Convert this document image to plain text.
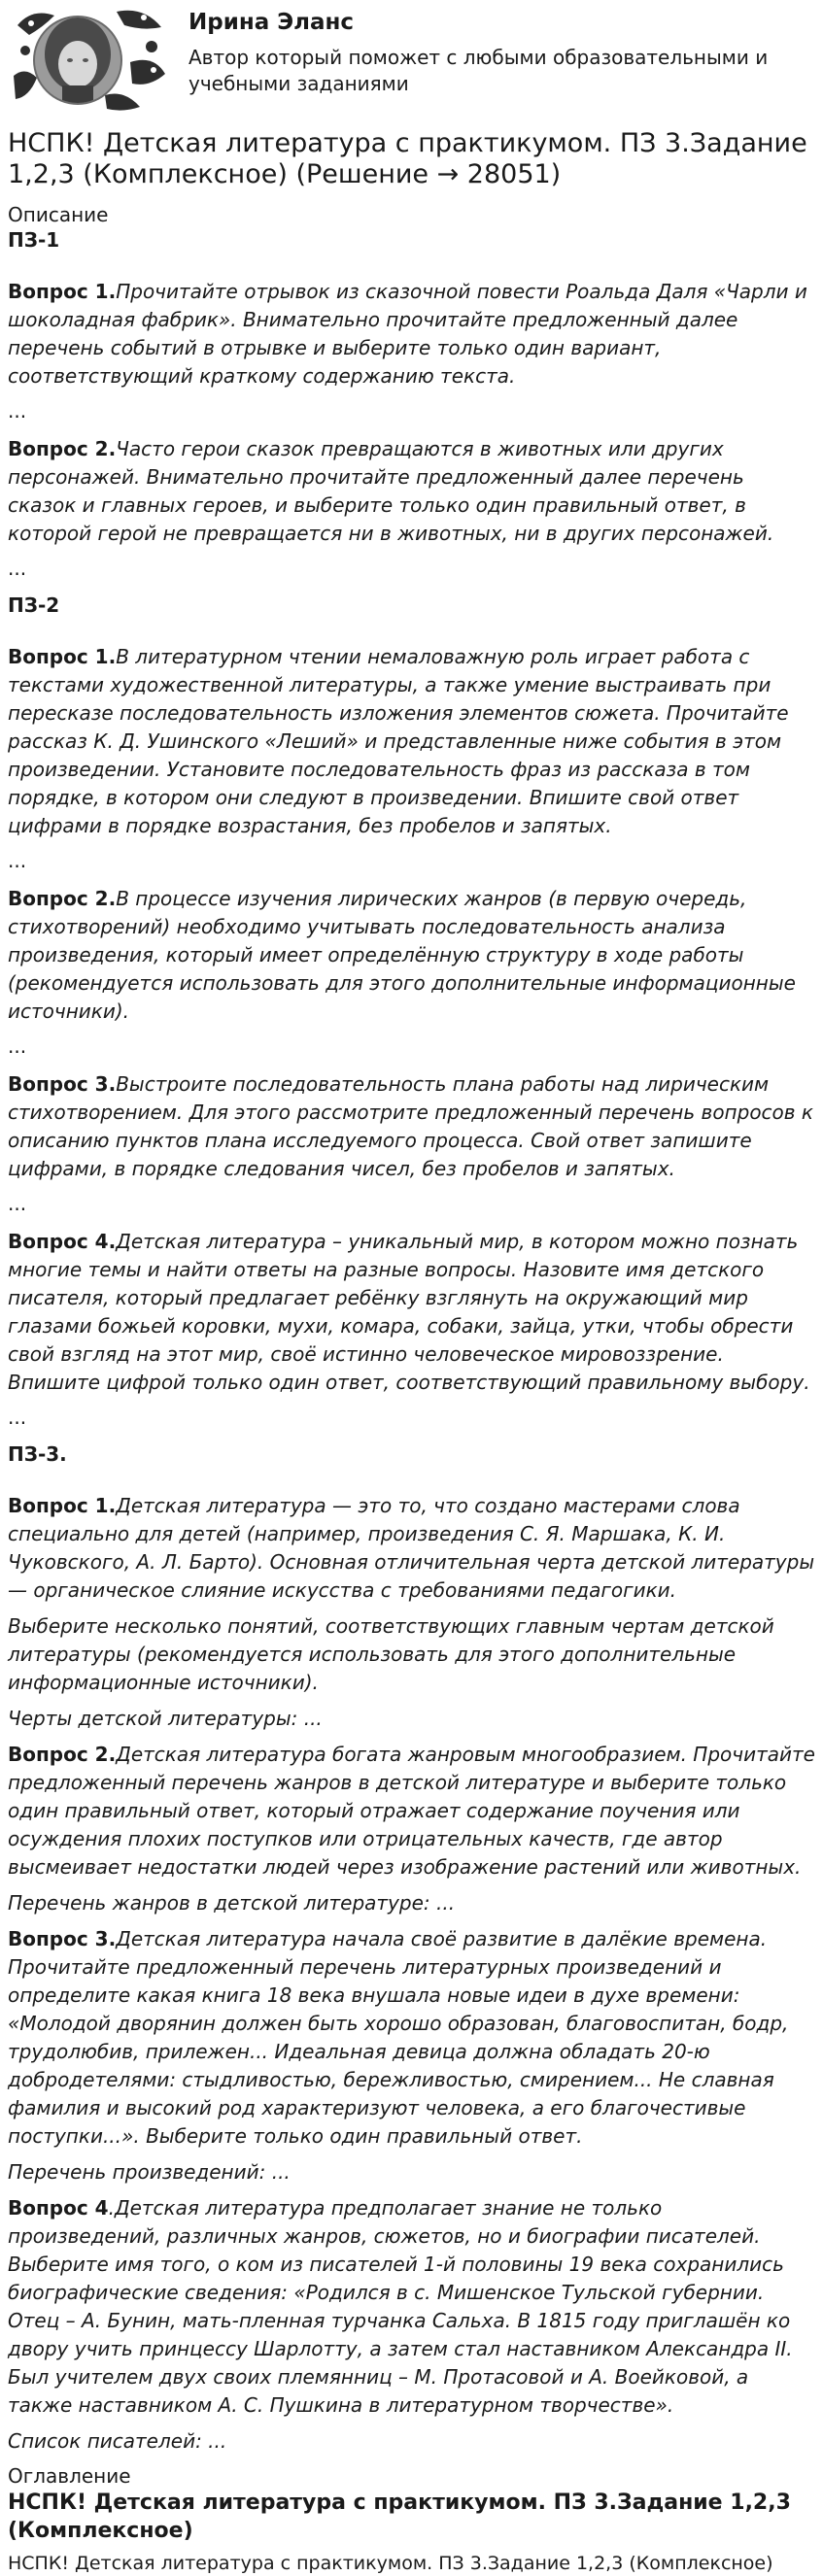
Ирина Эланс

Автор который поможет с любыми образовательными и учебными заданиями
НСПК! Детская литература с практикумом. ПЗ 3.Задание 1,2,3 (Комплексное) (Решение → 28051)

Описание

ПЗ-1

Вопрос 1.Прочитайте отрывок из сказочной повести Роальда Даля «Чарли и шоколадная фабрик». Внимательно прочитайте предложенный далее перечень событий в отрывке и выберите только один вариант, соответствующий краткому содержанию текста.

...

Вопрос 2.Часто герои сказок превращаются в животных или других персонажей. Внимательно прочитайте предложенный далее перечень сказок и главных героев, и выберите только один правильный ответ, в которой герой не превращается ни в животных, ни в других персонажей.

...

ПЗ-2

Вопрос 1.В литературном чтении немаловажную роль играет работа с текстами художественной литературы, а также умение выстраивать при пересказе последовательность изложения элементов сюжета. Прочитайте рассказ К. Д. Ушинского «Леший» и представленные ниже события в этом произведении. Установите последовательность фраз из рассказа в том порядке, в котором они следуют в произведении. Впишите свой ответ цифрами в порядке возрастания, без пробелов и запятых.

...

Вопрос 2.В процессе изучения лирических жанров (в первую очередь, стихотворений) необходимо учитывать последовательность анализа произведения, который имеет определённую структуру в ходе работы (рекомендуется использовать для этого дополнительные информационные источники).

...

Вопрос 3.Выстроите последовательность плана работы над лирическим стихотворением. Для этого рассмотрите предложенный перечень вопросов к описанию пунктов плана исследуемого процесса. Свой ответ запишите цифрами, в порядке следования чисел, без пробелов и запятых.

...

Вопрос 4.Детская литература – уникальный мир, в котором можно познать многие темы и найти ответы на разные вопросы. Назовите имя детского писателя, который предлагает ребёнку взглянуть на окружающий мир глазами божьей коровки, мухи, комара, собаки, зайца, утки, чтобы обрести свой взгляд на этот мир, своё истинно человеческое мировоззрение. Впишите цифрой только один ответ, соответствующий правильному выбору.

...

ПЗ-3.

Вопрос 1.Детская литература — это то, что создано мастерами слова специально для детей (например, произведения С. Я. Маршака, К. И. Чуковского, А. Л. Барто). Основная отличительная черта детской литературы — органическое слияние искусства с требованиями педагогики.

Выберите несколько понятий, соответствующих главным чертам детской литературы (рекомендуется использовать для этого дополнительные информационные источники).

Черты детской литературы: ...

Вопрос 2.Детская литература богата жанровым многообразием. Прочитайте предложенный перечень жанров в детской литературе и выберите только один правильный ответ, который отражает содержание поучения или осуждения плохих поступков или отрицательных качеств, где автор высмеивает недостатки людей через изображение растений или животных.

Перечень жанров в детской литературе: ...

Вопрос 3.Детская литература начала своё развитие в далёкие времена. Прочитайте предложенный перечень литературных произведений и определите какая книга 18 века внушала новые идеи в духе времени: «Молодой дворянин должен быть хорошо образован, благовоспитан, бодр, трудолюбив, прилежен... Идеальная девица должна обладать 20-ю добродетелями: стыдливостью, бережливостью, смирением... Не славная фамилия и высокий род характеризуют человека, а его благочестивые поступки...». Выберите только один правильный ответ.

Перечень произведений: ...

Вопрос 4.Детская литература предполагает знание не только произведений, различных жанров, сюжетов, но и биографии писателей. Выберите имя того, о ком из писателей 1-й половины 19 века сохранились биографические сведения: «Родился в с. Мишенское Тульской губернии. Отец – А. Бунин, мать-пленная турчанка Сальха. В 1815 году приглашён ко двору учить принцессу Шарлотту, а затем стал наставником Александра II. Был учителем двух своих племянниц – М. Протасовой и А. Воейковой, а также наставником А. С. Пушкина в литературном творчестве».

Список писателей: ...

Оглавление

НСПК! Детская литература с практикумом. ПЗ 3.Задание 1,2,3 (Комплексное)

НСПК! Детская литература с практикумом. ПЗ 3.Задание 1,2,3 (Комплексное)
